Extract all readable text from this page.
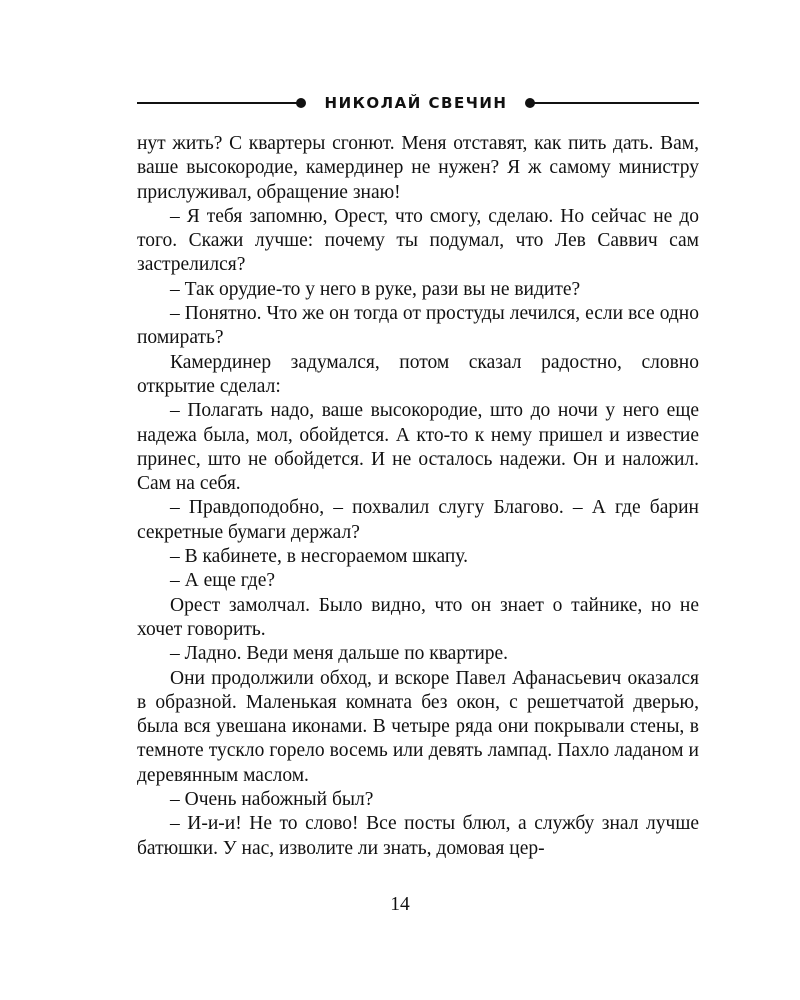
НИКОЛАЙ СВЕЧИН

нут жить? С квартеры сгонют. Меня отставят, как пить дать. Вам, ваше высокородие, камердинер не нужен? Я ж самому министру прислуживал, обращение знаю!

– Я тебя запомню, Орест, что смогу, сделаю. Но сейчас не до того. Скажи лучше: почему ты подумал, что Лев Саввич сам застрелился?

– Так орудие-то у него в руке, рази вы не видите?

– Понятно. Что же он тогда от простуды лечился, если все одно помирать?

Камердинер задумался, потом сказал радостно, словно открытие сделал:

– Полагать надо, ваше высокородие, што до ночи у него еще надежа была, мол, обойдется. А кто-то к нему пришел и известие принес, што не обойдется. И не осталось надежи. Он и наложил. Сам на себя.

– Правдоподобно, – похвалил слугу Благово. – А где барин секретные бумаги держал?

– В кабинете, в несгораемом шкапу.

– А еще где?

Орест замолчал. Было видно, что он знает о тайнике, но не хочет говорить.

– Ладно. Веди меня дальше по квартире.

Они продолжили обход, и вскоре Павел Афанасьевич оказался в образной. Маленькая комната без окон, с решетчатой дверью, была вся увешана иконами. В четыре ряда они покрывали стены, в темноте тускло горело восемь или девять лампад. Пахло ладаном и деревянным маслом.

– Очень набожный был?

– И-и-и! Не то слово! Все посты блюл, а службу знал лучше батюшки. У нас, изволите ли знать, домовая цер-

14
